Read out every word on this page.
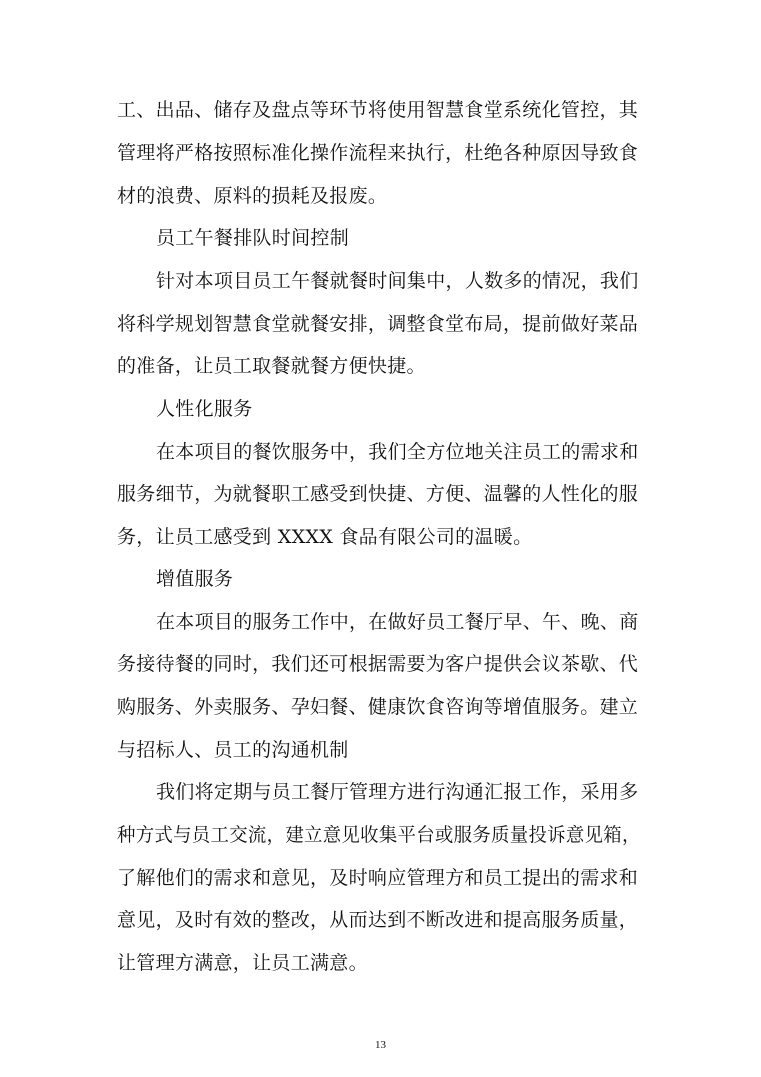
工、出品、储存及盘点等环节将使用智慧食堂系统化管控，其
管理将严格按照标准化操作流程来执行，杜绝各种原因导致食
材的浪费、原料的损耗及报废。
员工午餐排队时间控制
针对本项目员工午餐就餐时间集中，人数多的情况，我们
将科学规划智慧食堂就餐安排，调整食堂布局，提前做好菜品
的准备，让员工取餐就餐方便快捷。
人性化服务
在本项目的餐饮服务中，我们全方位地关注员工的需求和
服务细节，为就餐职工感受到快捷、方便、温馨的人性化的服
务，让员工感受到 XXXX 食品有限公司的温暖。
增值服务
在本项目的服务工作中，在做好员工餐厅早、午、晚、商
务接待餐的同时，我们还可根据需要为客户提供会议茶歇、代
购服务、外卖服务、孕妇餐、健康饮食咨询等增值服务。建立
与招标人、员工的沟通机制
我们将定期与员工餐厅管理方进行沟通汇报工作，采用多
种方式与员工交流，建立意见收集平台或服务质量投诉意见箱，
了解他们的需求和意见，及时响应管理方和员工提出的需求和
意见，及时有效的整改，从而达到不断改进和提高服务质量，
让管理方满意，让员工满意。
13
